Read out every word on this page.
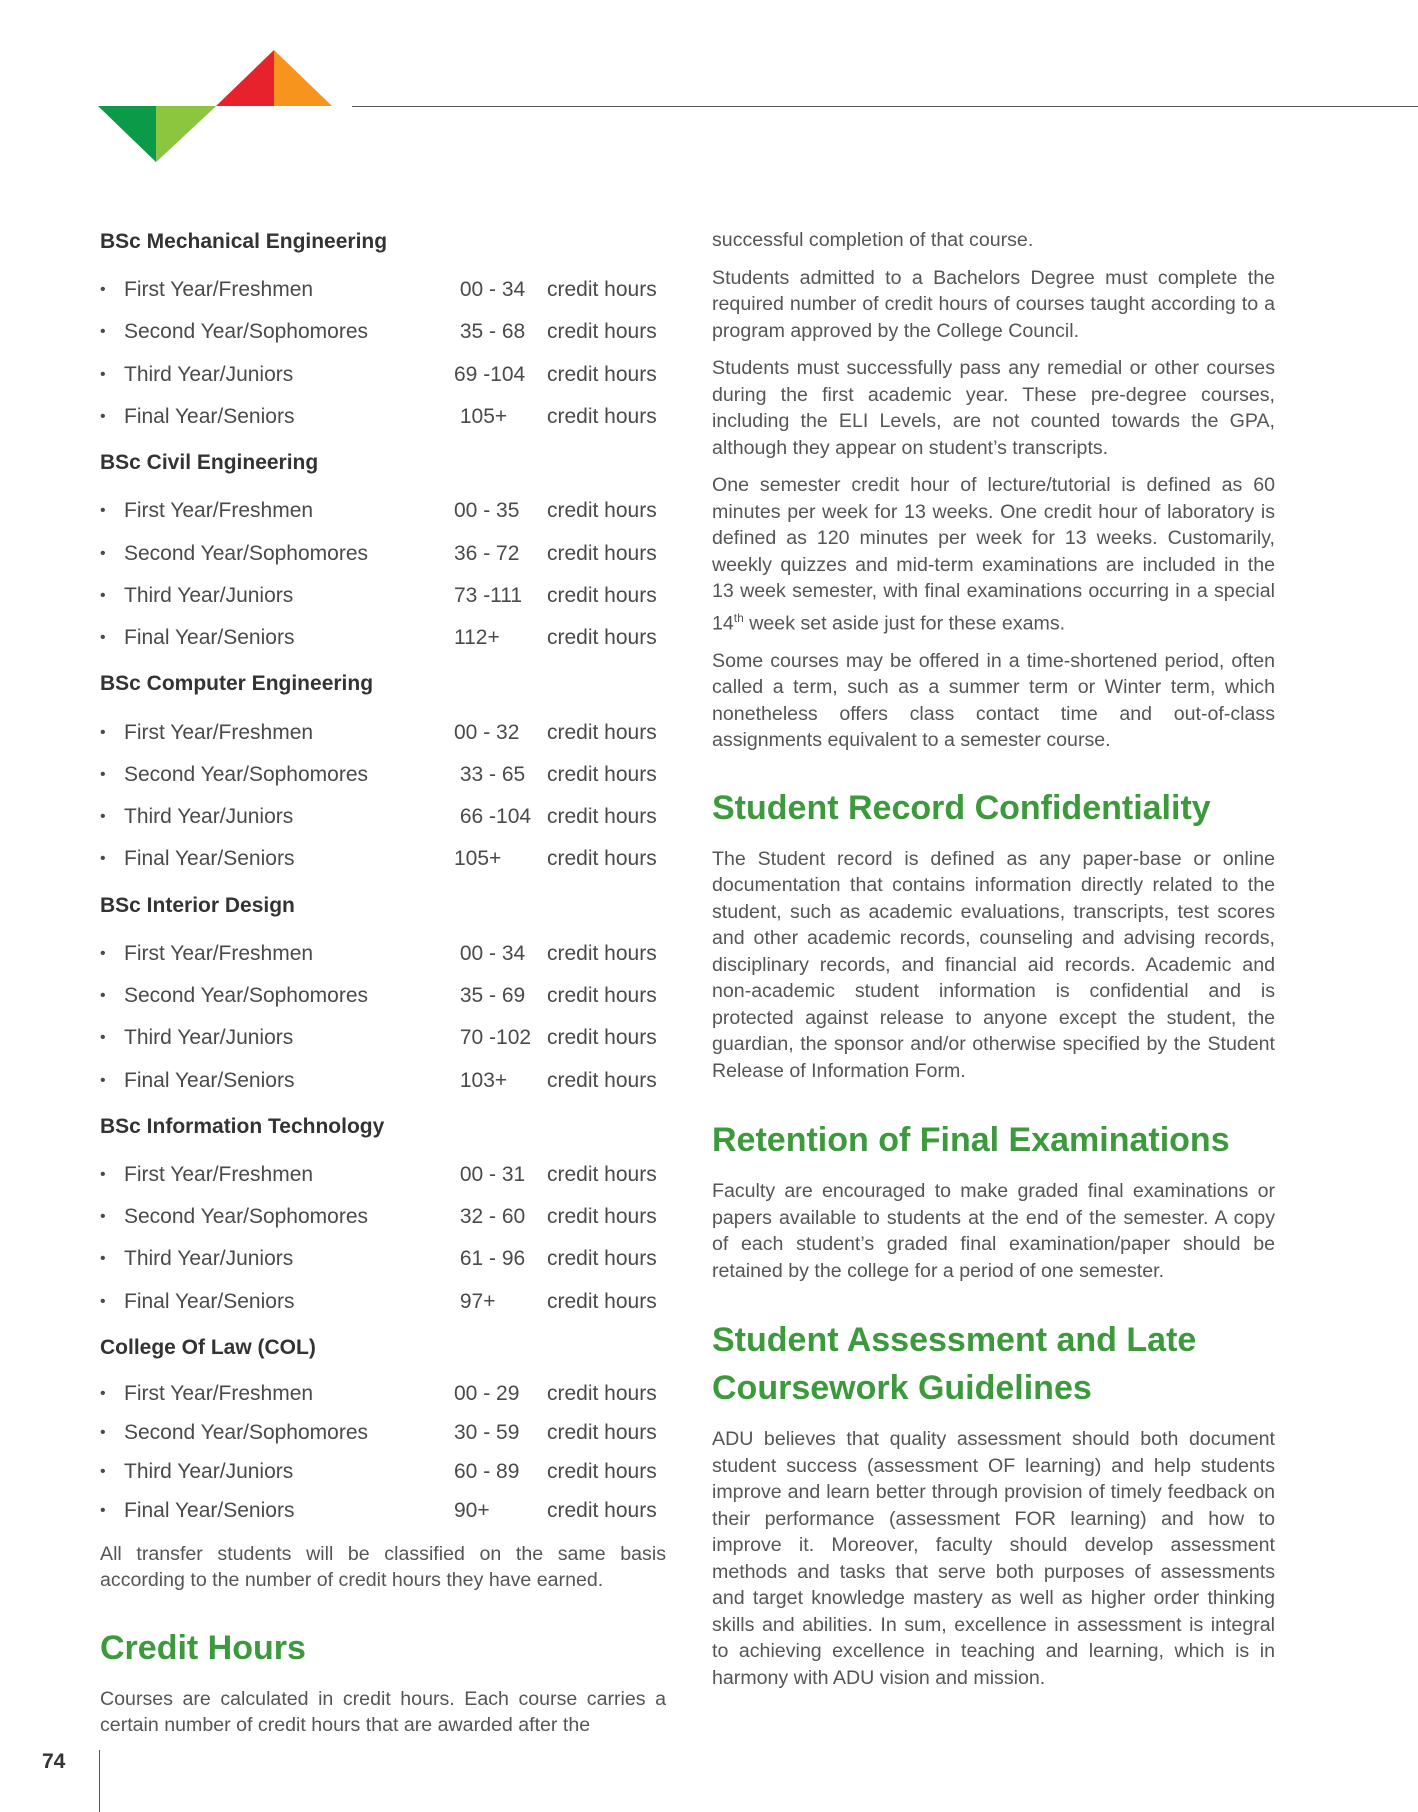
BSc Mechanical Engineering
• First Year/Freshmen	00 - 34	credit hours
• Second Year/Sophomores	35 - 68	credit hours
• Third Year/Juniors	69 -104	credit hours
• Final Year/Seniors	105+	credit hours
BSc Civil Engineering
• First Year/Freshmen	00 - 35	credit hours
• Second Year/Sophomores	36 - 72	credit hours
• Third Year/Juniors	73 -111	credit hours
• Final Year/Seniors	112+	credit hours
BSc Computer Engineering
• First Year/Freshmen	00 - 32	credit hours
• Second Year/Sophomores	33 - 65	credit hours
• Third Year/Juniors	66 -104 credit hours
• Final Year/Seniors	105+	credit hours
BSc Interior Design
• First Year/Freshmen	00 - 34	credit hours
• Second Year/Sophomores	35 - 69	credit hours
• Third Year/Juniors	70 -102 credit hours
• Final Year/Seniors	103+	credit hours
BSc Information Technology
• First Year/Freshmen	00 - 31	credit hours
• Second Year/Sophomores	32 - 60	credit hours
• Third Year/Juniors	61 - 96	credit hours
• Final Year/Seniors	97+	credit hours
College Of Law (COL)
• First Year/Freshmen	00 - 29	credit hours
• Second Year/Sophomores	30 - 59	credit hours
• Third Year/Juniors	60 - 89	credit hours
• Final Year/Seniors	90+	credit hours

All transfer students will be classified on the same basis according to the number of credit hours they have earned.

Credit Hours

Courses are calculated in credit hours. Each course carries a certain number of credit hours that are awarded after the

successful completion of that course.

Students admitted to a Bachelors Degree must complete the required number of credit hours of courses taught according to a program approved by the College Council.

Students must successfully pass any remedial or other courses during the first academic year. These pre-degree courses, including the ELI Levels, are not counted towards the GPA, although they appear on student’s transcripts.

One semester credit hour of lecture/tutorial is defined as 60 minutes per week for 13 weeks. One credit hour of laboratory is defined as 120 minutes per week for 13 weeks. Customarily, weekly quizzes and mid-term examinations are included in the 13 week semester, with final examinations occurring in a special 14th week set aside just for these exams.

Some courses may be offered in a time-shortened period, often called a term, such as a summer term or Winter term, which nonetheless offers class contact time and out-of-class assignments equivalent to a semester course.

Student Record Confidentiality

The Student record is defined as any paper-base or online documentation that contains information directly related to the student, such as academic evaluations, transcripts, test scores and other academic records, counseling and advising records, disciplinary records, and financial aid records. Academic and non-academic student information is confidential and is protected against release to anyone except the student, the guardian, the sponsor and/or otherwise specified by the Student Release of Information Form.

Retention of Final Examinations

Faculty are encouraged to make graded final examinations or papers available to students at the end of the semester. A copy of each student’s graded final examination/paper should be retained by the college for a period of one semester.

Student Assessment and Late
Coursework Guidelines

ADU believes that quality assessment should both document student success (assessment OF learning) and help students improve and learn better through provision of timely feedback on their performance (assessment FOR learning) and how to improve it. Moreover, faculty should develop assessment methods and tasks that serve both purposes of assessments and target knowledge mastery as well as higher order thinking skills and abilities. In sum, excellence in assessment is integral to achieving excellence in teaching and learning, which is in harmony with ADU vision and mission.

74
